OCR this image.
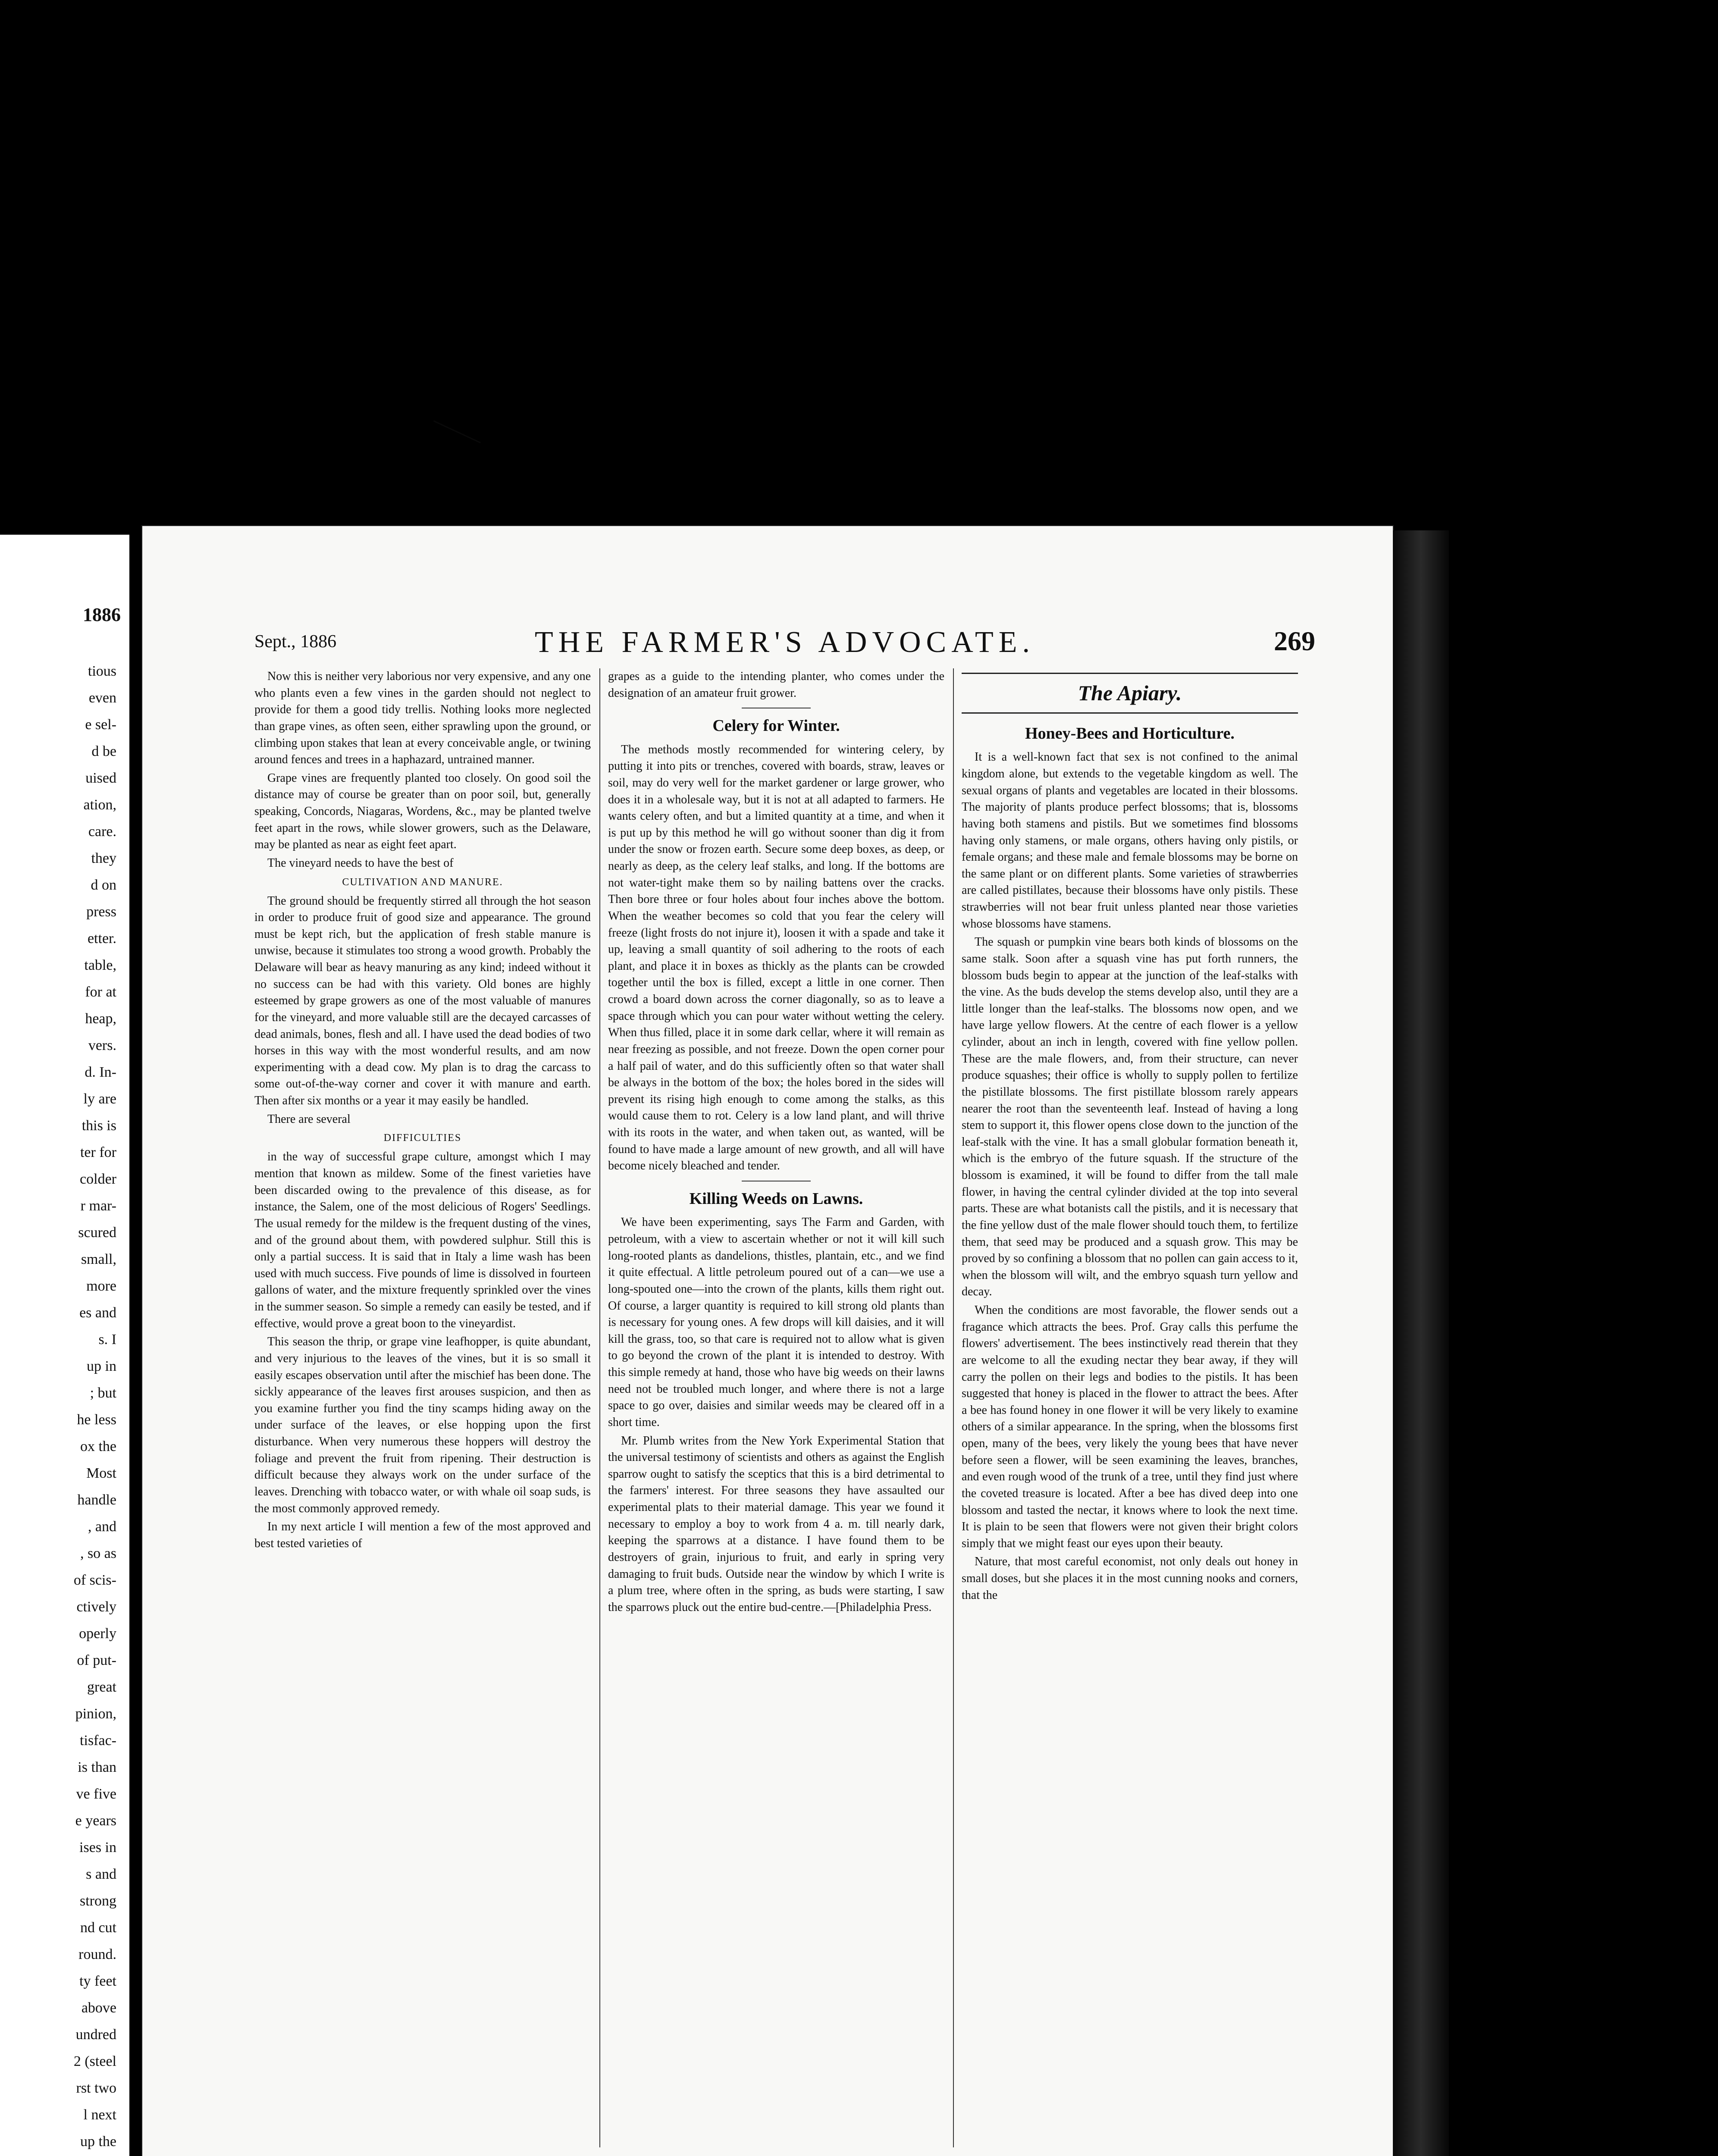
1886
tious
even
e sel-
d be
uised
ation,
care.
they
d on
press
etter.
table,
for at
heap,
vers.
d. In-
ly are
this is
ter for
colder
r mar-
scured
small,
more
es and
s. I
up in
; but
he less
ox the
Most
handle
, and
, so as
of scis-
ctively
operly
of put-
great
pinion,
tisfac-
is than
ve five
e years
ises in
s and
strong
nd cut
round.
ty feet
above
undred
2 (steel
rst two
l next
up the
Sept., 1886	THE FARMER'S ADVOCATE.	269

Now this is neither very laborious nor very expensive, and any one who plants even a few vines in the garden should not neglect to provide for them a good tidy trellis. Nothing looks more neglected than grape vines, as often seen, either sprawling upon the ground, or climbing upon stakes that lean at every conceivable angle, or twining around fences and trees in a haphazard, untrained manner.

Grape vines are frequently planted too closely. On good soil the distance may of course be greater than on poor soil, but, generally speaking, Concords, Niagaras, Wordens, &c., may be planted twelve feet apart in the rows, while slower growers, such as the Delaware, may be planted as near as eight feet apart.

The vineyard needs to have the best of

CULTIVATION AND MANURE.

The ground should be frequently stirred all through the hot season in order to produce fruit of good size and appearance. The ground must be kept rich, but the application of fresh stable manure is unwise, because it stimulates too strong a wood growth. Probably the Delaware will bear as heavy manuring as any kind; indeed without it no success can be had with this variety. Old bones are highly esteemed by grape growers as one of the most valuable of manures for the vineyard, and more valuable still are the decayed carcasses of dead animals, bones, flesh and all. I have used the dead bodies of two horses in this way with the most wonderful results, and am now experimenting with a dead cow. My plan is to drag the carcass to some out-of-the-way corner and cover it with manure and earth. Then after six months or a year it may easily be handled.

There are several

DIFFICULTIES

in the way of successful grape culture, amongst which I may mention that known as mildew. Some of the finest varieties have been discarded owing to the prevalence of this disease, as for instance, the Salem, one of the most delicious of Rogers' Seedlings. The usual remedy for the mildew is the frequent dusting of the vines, and of the ground about them, with powdered sulphur. Still this is only a partial success. It is said that in Italy a lime wash has been used with much success. Five pounds of lime is dissolved in fourteen gallons of water, and the mixture frequently sprinkled over the vines in the summer season. So simple a remedy can easily be tested, and if effective, would prove a great boon to the vineyardist.

This season the thrip, or grape vine leafhopper, is quite abundant, and very injurious to the leaves of the vines, but it is so small it easily escapes observation until after the mischief has been done. The sickly appearance of the leaves first arouses suspicion, and then as you examine further you find the tiny scamps hiding away on the under surface of the leaves, or else hopping upon the first disturbance. When very numerous these hoppers will destroy the foliage and prevent the fruit from ripening. Their destruction is difficult because they always work on the under surface of the leaves. Drenching with tobacco water, or with whale oil soap suds, is the most commonly approved remedy.

In my next article I will mention a few of the most approved and best tested varieties of

grapes as a guide to the intending planter, who comes under the designation of an amateur fruit grower.

Celery for Winter.

The methods mostly recommended for wintering celery, by putting it into pits or trenches, covered with boards, straw, leaves or soil, may do very well for the market gardener or large grower, who does it in a wholesale way, but it is not at all adapted to farmers. He wants celery often, and but a limited quantity at a time, and when it is put up by this method he will go without sooner than dig it from under the snow or frozen earth. Secure some deep boxes, as deep, or nearly as deep, as the celery leaf stalks, and long. If the bottoms are not water-tight make them so by nailing battens over the cracks. Then bore three or four holes about four inches above the bottom. When the weather becomes so cold that you fear the celery will freeze (light frosts do not injure it), loosen it with a spade and take it up, leaving a small quantity of soil adhering to the roots of each plant, and place it in boxes as thickly as the plants can be crowded together until the box is filled, except a little in one corner. Then crowd a board down across the corner diagonally, so as to leave a space through which you can pour water without wetting the celery. When thus filled, place it in some dark cellar, where it will remain as near freezing as possible, and not freeze. Down the open corner pour a half pail of water, and do this sufficiently often so that water shall be always in the bottom of the box; the holes bored in the sides will prevent its rising high enough to come among the stalks, as this would cause them to rot. Celery is a low land plant, and will thrive with its roots in the water, and when taken out, as wanted, will be found to have made a large amount of new growth, and all will have become nicely bleached and tender.

Killing Weeds on Lawns.

We have been experimenting, says The Farm and Garden, with petroleum, with a view to ascertain whether or not it will kill such long-rooted plants as dandelions, thistles, plantain, etc., and we find it quite effectual. A little petroleum poured out of a can—we use a long-spouted one—into the crown of the plants, kills them right out. Of course, a larger quantity is required to kill strong old plants than is necessary for young ones. A few drops will kill daisies, and it will kill the grass, too, so that care is required not to allow what is given to go beyond the crown of the plant it is intended to destroy. With this simple remedy at hand, those who have big weeds on their lawns need not be troubled much longer, and where there is not a large space to go over, daisies and similar weeds may be cleared off in a short time.

Mr. Plumb writes from the New York Experimental Station that the universal testimony of scientists and others as against the English sparrow ought to satisfy the sceptics that this is a bird detrimental to the farmers' interest. For three seasons they have assaulted our experimental plats to their material damage. This year we found it necessary to employ a boy to work from 4 a. m. till nearly dark, keeping the sparrows at a distance. I have found them to be destroyers of grain, injurious to fruit, and early in spring very damaging to fruit buds. Outside near the window by which I write is a plum tree, where often in the spring, as buds were starting, I saw the sparrows pluck out the entire bud-centre.—[Philadelphia Press.

The Apiary.
Honey-Bees and Horticulture.

It is a well-known fact that sex is not confined to the animal kingdom alone, but extends to the vegetable kingdom as well. The sexual organs of plants and vegetables are located in their blossoms. The majority of plants produce perfect blossoms; that is, blossoms having both stamens and pistils. But we sometimes find blossoms having only stamens, or male organs, others having only pistils, or female organs; and these male and female blossoms may be borne on the same plant or on different plants. Some varieties of strawberries are called pistillates, because their blossoms have only pistils. These strawberries will not bear fruit unless planted near those varieties whose blossoms have stamens.

The squash or pumpkin vine bears both kinds of blossoms on the same stalk. Soon after a squash vine has put forth runners, the blossom buds begin to appear at the junction of the leaf-stalks with the vine. As the buds develop the stems develop also, until they are a little longer than the leaf-stalks. The blossoms now open, and we have large yellow flowers. At the centre of each flower is a yellow cylinder, about an inch in length, covered with fine yellow pollen. These are the male flowers, and, from their structure, can never produce squashes; their office is wholly to supply pollen to fertilize the pistillate blossoms. The first pistillate blossom rarely appears nearer the root than the seventeenth leaf. Instead of having a long stem to support it, this flower opens close down to the junction of the leaf-stalk with the vine. It has a small globular formation beneath it, which is the embryo of the future squash. If the structure of the blossom is examined, it will be found to differ from the tall male flower, in having the central cylinder divided at the top into several parts. These are what botanists call the pistils, and it is necessary that the fine yellow dust of the male flower should touch them, to fertilize them, that seed may be produced and a squash grow. This may be proved by so confining a blossom that no pollen can gain access to it, when the blossom will wilt, and the embryo squash turn yellow and decay.

When the conditions are most favorable, the flower sends out a fragance which attracts the bees. Prof. Gray calls this perfume the flowers' advertisement. The bees instinctively read therein that they are welcome to all the exuding nectar they bear away, if they will carry the pollen on their legs and bodies to the pistils. It has been suggested that honey is placed in the flower to attract the bees. After a bee has found honey in one flower it will be very likely to examine others of a similar appearance. In the spring, when the blossoms first open, many of the bees, very likely the young bees that have never before seen a flower, will be seen examining the leaves, branches, and even rough wood of the trunk of a tree, until they find just where the coveted treasure is located. After a bee has dived deep into one blossom and tasted the nectar, it knows where to look the next time. It is plain to be seen that flowers were not given their bright colors simply that we might feast our eyes upon their beauty.

Nature, that most careful economist, not only deals out honey in small doses, but she places it in the most cunning nooks and corners, that the
